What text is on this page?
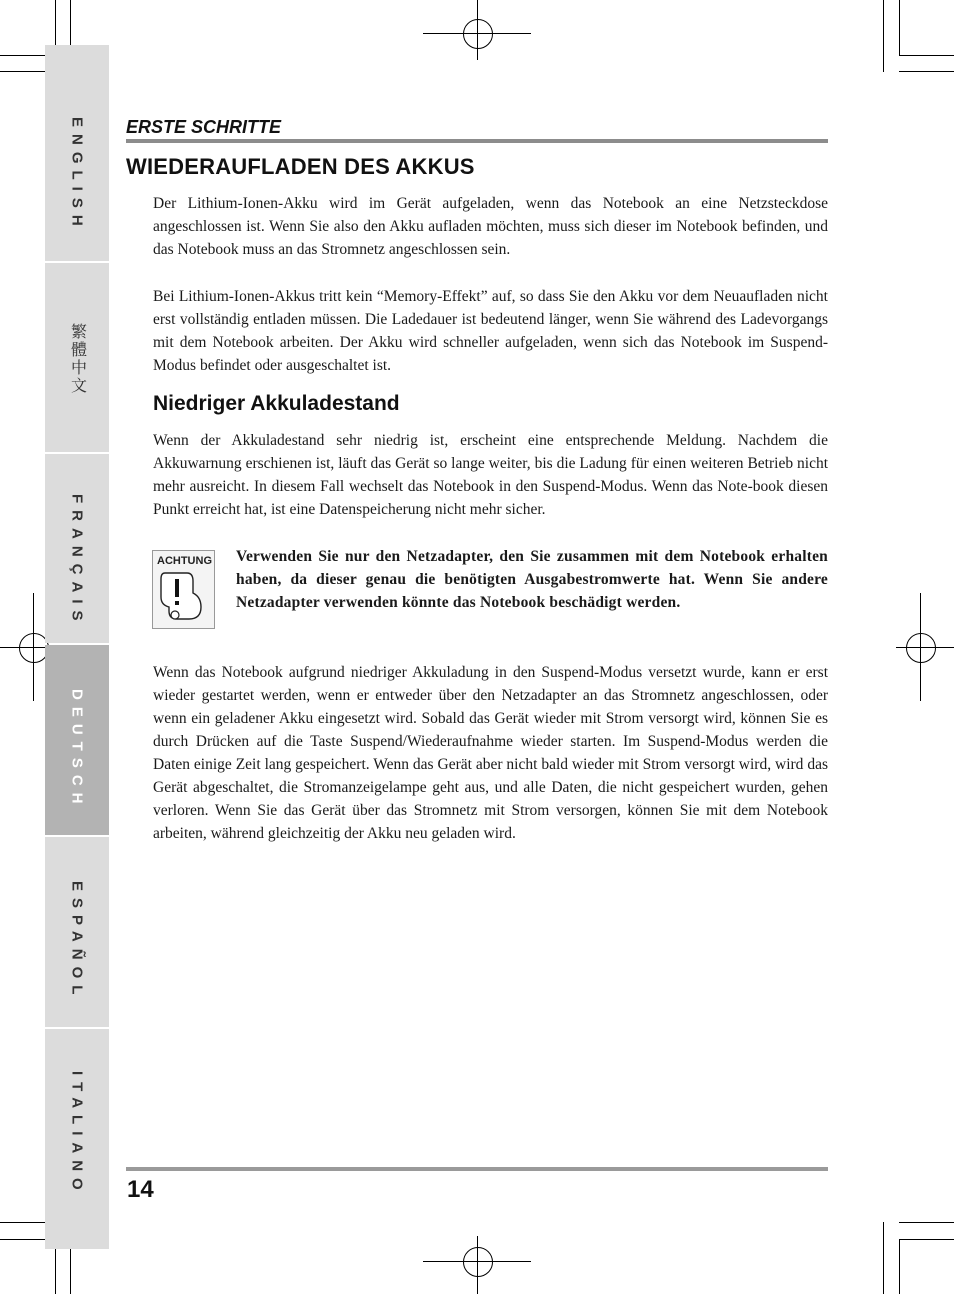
ENGLISH
繁體中文
FRANÇAIS
DEUTSCH
ESPAÑOL
ITALIANO
ERSTE SCHRITTE
WIEDERAUFLADEN DES AKKUS
Der Lithium-Ionen-Akku wird im Gerät aufgeladen, wenn das Notebook an eine Netzsteckdose angeschlossen ist. Wenn Sie also den Akku aufladen möchten, muss sich dieser im Notebook befinden, und das Notebook muss an das Stromnetz angeschlossen sein.
Bei Lithium-Ionen-Akkus tritt kein “Memory-Effekt” auf, so dass Sie den Akku vor dem Neuaufladen nicht erst vollständig entladen müssen. Die Ladedauer ist bedeutend länger, wenn Sie während des Ladevorgangs mit dem Notebook arbeiten. Der Akku wird schneller aufgeladen, wenn sich das Notebook im Suspend-Modus befindet oder ausgeschaltet ist.
Niedriger Akkuladestand
Wenn der Akkuladestand sehr niedrig ist, erscheint eine entsprechende Meldung. Nachdem die Akkuwarnung erschienen ist, läuft das Gerät so lange weiter, bis die Ladung für einen weiteren Betrieb nicht mehr ausreicht. In diesem Fall wechselt das Notebook in den Suspend-Modus. Wenn das Note-book diesen Punkt erreicht hat, ist eine Datenspeicherung nicht mehr sicher.
ACHTUNG Verwenden Sie nur den Netzadapter, den Sie zusammen mit dem Notebook erhalten haben, da dieser genau die benötigten Ausgabestromwerte hat. Wenn Sie andere Netzadapter verwenden könnte das Notebook beschädigt werden.
Wenn das Notebook aufgrund niedriger Akkuladung in den Suspend-Modus versetzt wurde, kann er erst wieder gestartet werden, wenn er entweder über den Netzadapter an das Stromnetz angeschlossen, oder wenn ein geladener Akku eingesetzt wird. Sobald das Gerät wieder mit Strom versorgt wird, können Sie es durch Drücken auf die Taste Suspend/Wiederaufnahme wieder starten. Im Suspend-Modus werden die Daten einige Zeit lang gespeichert. Wenn das Gerät aber nicht bald wieder mit Strom versorgt wird, wird das Gerät abgeschaltet, die Stromanzeigelampe geht aus, und alle Daten, die nicht gespeichert wurden, gehen verloren. Wenn Sie das Gerät über das Stromnetz mit Strom versorgen, können Sie mit dem Notebook arbeiten, während gleichzeitig der Akku neu geladen wird.
14
